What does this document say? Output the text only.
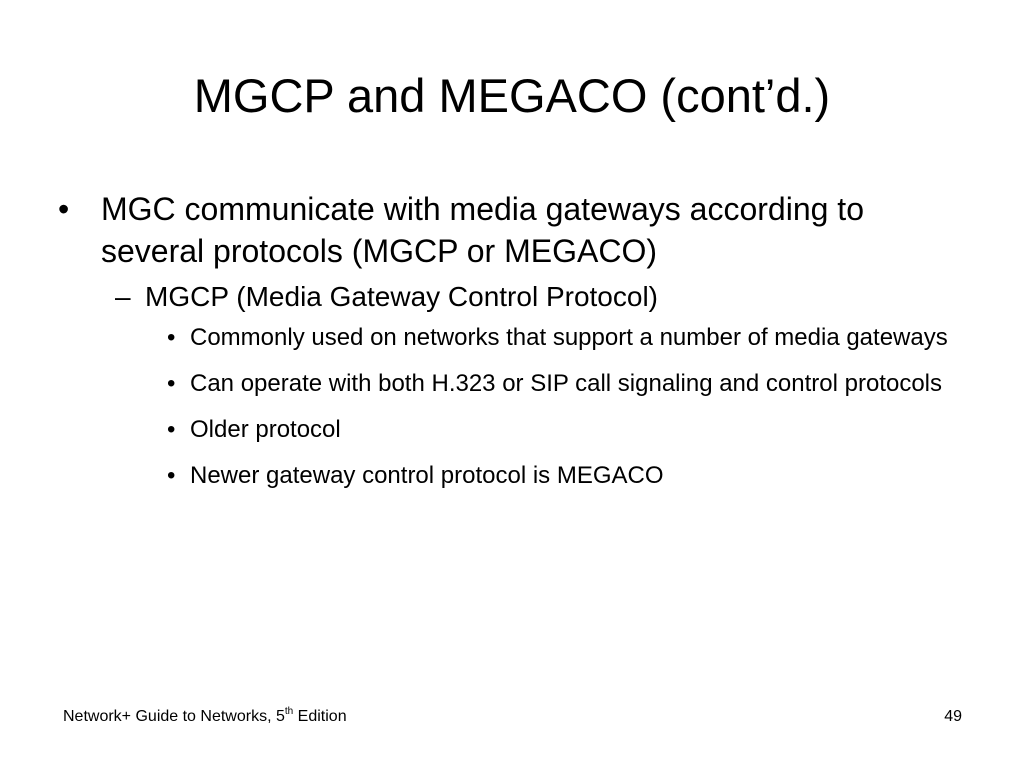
MGCP and MEGACO (cont’d.)
• MGC communicate with media gateways according to several protocols (MGCP or MEGACO)
– MGCP (Media Gateway Control Protocol)
• Commonly used on networks that support a number of media gateways
• Can operate with both H.323 or SIP call signaling and control protocols
• Older protocol
• Newer gateway control protocol is MEGACO
Network+ Guide to Networks, 5th Edition	49
